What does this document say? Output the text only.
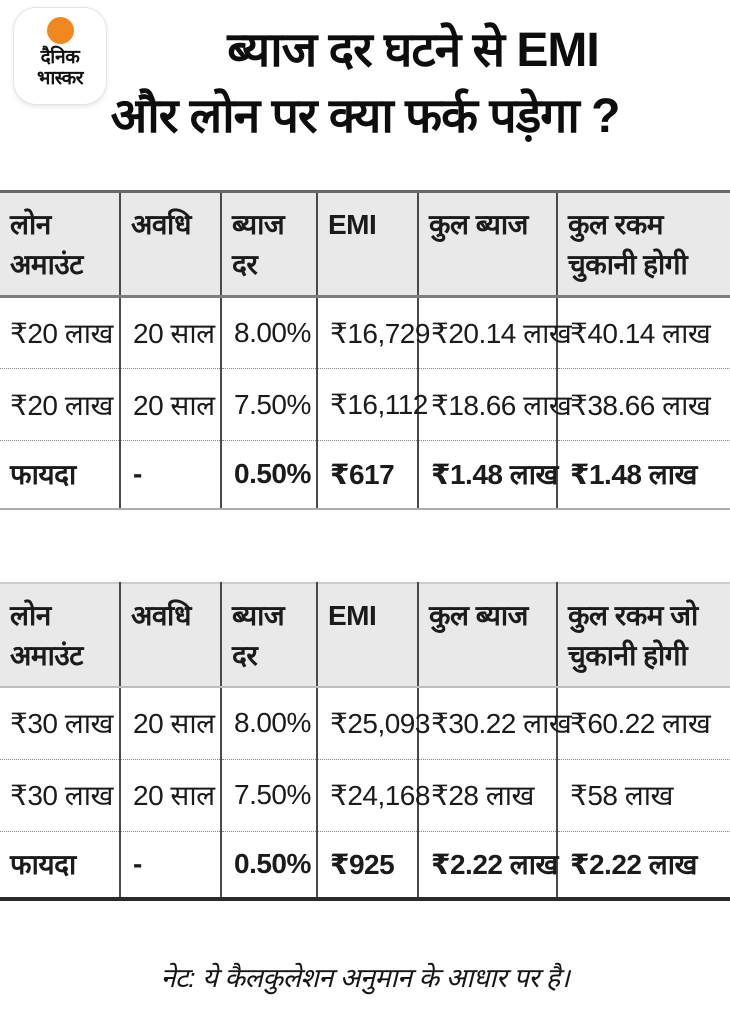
दैनिक
भास्कर
ब्याज दर घटने से EMI
और लोन पर क्या फर्क पड़ेगा ?
लोन अमाउंट	अवधि	ब्याज दर	EMI	कुल ब्याज	कुल रकम चुकानी होगी
₹20 लाख	20 साल	8.00%	₹16,729	₹20.14 लाख	₹40.14 लाख
₹20 लाख	20 साल	7.50%	₹16,112	₹18.66 लाख	₹38.66 लाख
फायदा	-	0.50%	₹617	₹1.48 लाख	₹1.48 लाख
लोन अमाउंट	अवधि	ब्याज दर	EMI	कुल ब्याज	कुल रकम जो चुकानी होगी
₹30 लाख	20 साल	8.00%	₹25,093	₹30.22 लाख	₹60.22 लाख
₹30 लाख	20 साल	7.50%	₹24,168	₹28 लाख	₹58 लाख
फायदा	-	0.50%	₹925	₹2.22 लाख	₹2.22 लाख
नेट: ये कैलकुलेशन अनुमान के आधार पर है।
